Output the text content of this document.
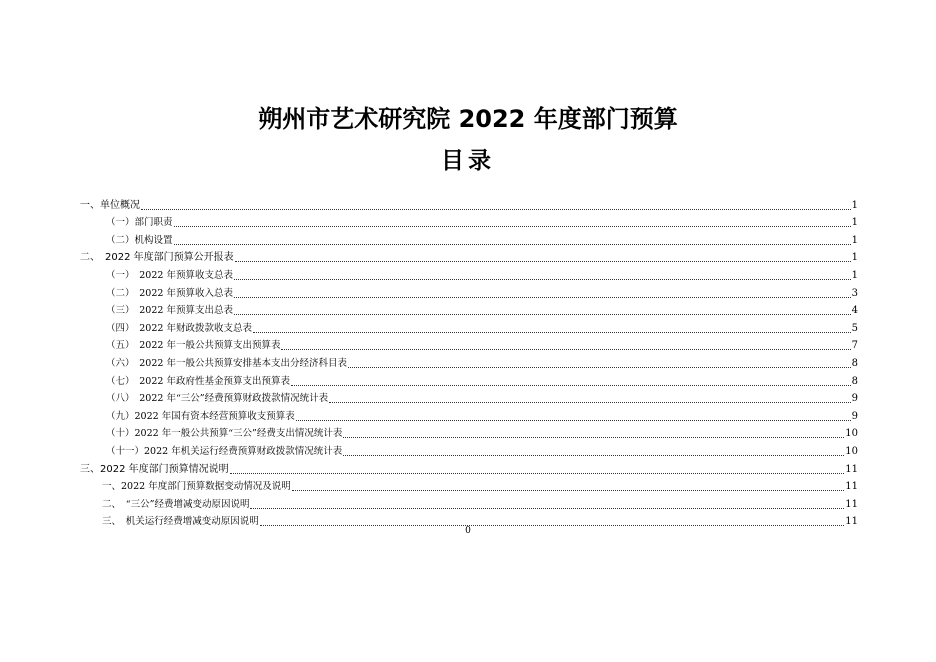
朔州市艺术研究院 2022 年度部门预算
目录
一、单位概况	1
（一）部门职责	1
（二）机构设置	1
二、　2022 年度部门预算公开报表	1
（一）　2022 年预算收支总表	1
（二）　2022 年预算收入总表	3
（三）　2022 年预算支出总表	4
（四）　2022 年财政拨款收支总表	5
（五）　2022 年一般公共预算支出预算表	7
（六）　2022 年一般公共预算安排基本支出分经济科目表	8
（七）　2022 年政府性基金预算支出预算表	8
（八）　2022 年“三公”经费预算财政拨款情况统计表	9
（九）2022 年国有资本经营预算收支预算表	9
（十）2022 年一般公共预算“三公”经费支出情况统计表	10
（十一）2022 年机关运行经费预算财政拨款情况统计表	10
三、2022 年度部门预算情况说明	11
一、2022 年度部门预算数据变动情况及说明	11
二、　“三公”经费增减变动原因说明	11
三、　机关运行经费增减变动原因说明	11
0
